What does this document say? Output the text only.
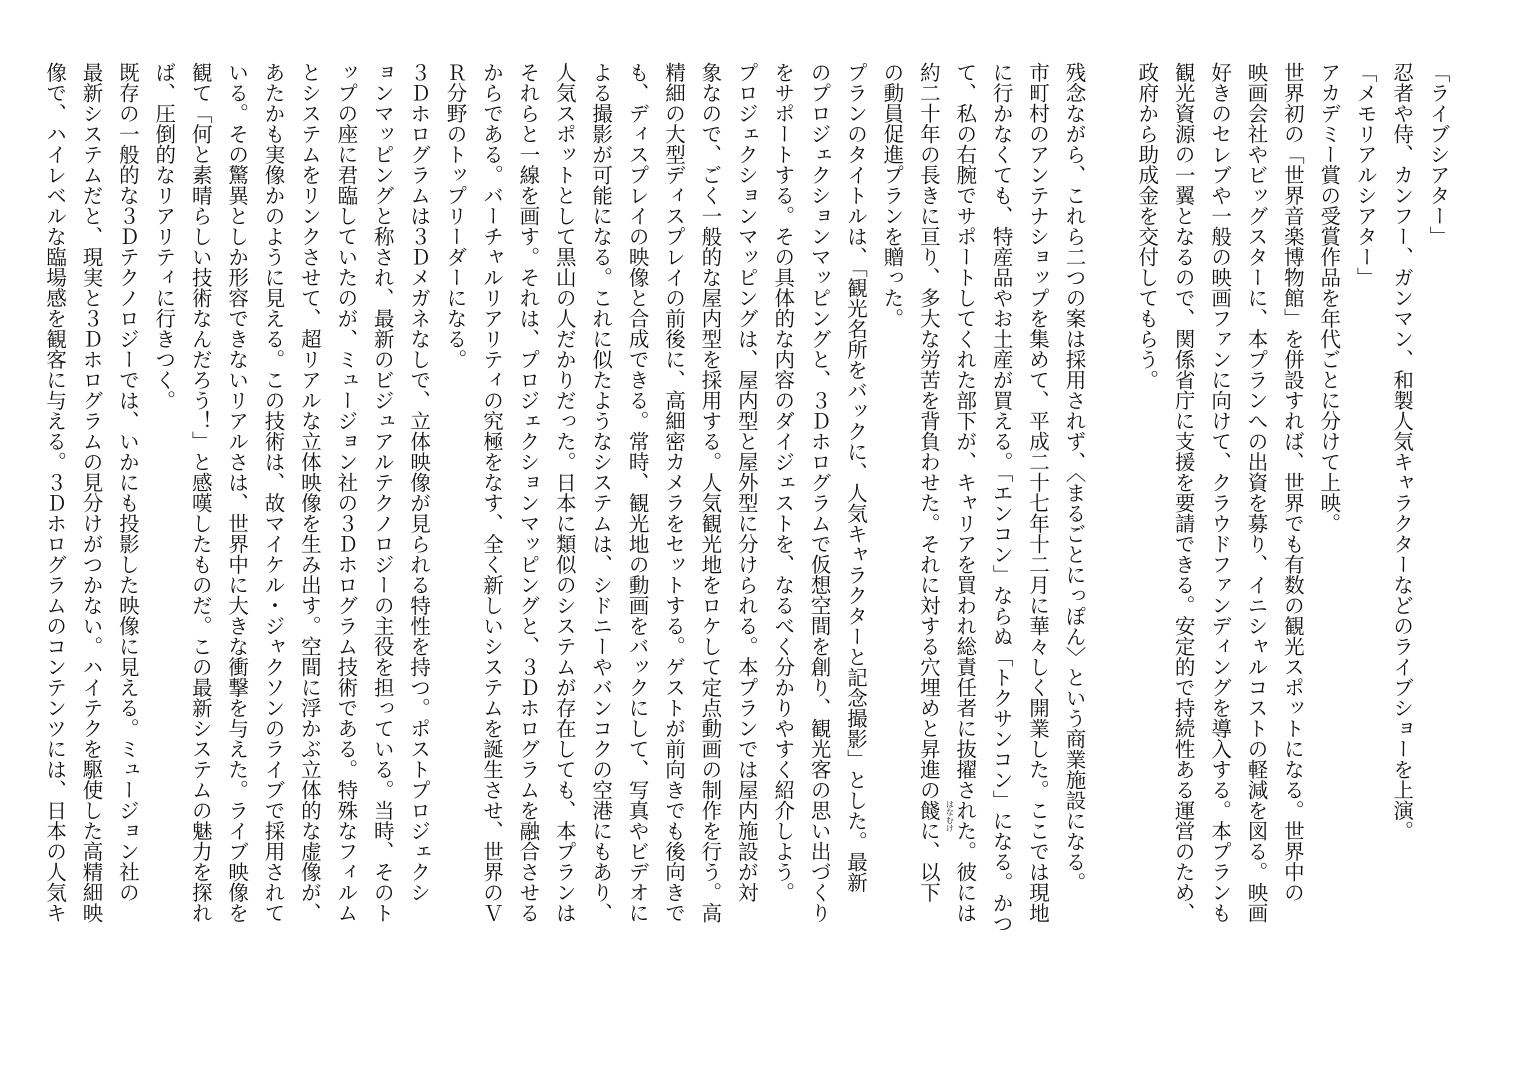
「ライブシアター」
忍者や侍、カンフー、ガンマン、和製人気キャラクターなどのライブショーを上演。
「メモリアルシアター」
アカデミー賞の受賞作品を年代ごとに分けて上映。
世界初の「世界音楽博物館」を併設すれば、世界でも有数の観光スポットになる。世界中の
映画会社やビッグスターに、本プランへの出資を募り、イニシャルコストの軽減を図る。映画
好きのセレブや一般の映画ファンに向けて、クラウドファンディングを導入する。本プランも
観光資源の一翼となるので、関係省庁に支援を要請できる。安定的で持続性ある運営のため、
政府から助成金を交付してもらう。
残念ながら、これら二つの案は採用されず、〈まるごとにっぽん〉という商業施設になる。
市町村のアンテナショップを集めて、平成二十七年十二月に華々しく開業した。ここでは現地
に行かなくても、特産品やお土産が買える。「エンコン」ならぬ「トクサンコン」になる。かつ
て、私の右腕でサポートしてくれた部下が、キャリアを買われ総責任者に抜擢された。彼には
約二十年の長きに亘り、多大な労苦を背負わせた。それに対する穴埋めと昇進の餞 はなむけ
に、以下
の動員促進プランを贈った。
プランのタイトルは、「観光名所をバックに、人気キャラクターと記念撮影」とした。最新
のプロジェクションマッピングと、３Ｄホログラムで仮想空間を創り、観光客の思い出づくり
をサポートする。その具体的な内容のダイジェストを、なるべく分かりやすく紹介しよう。
プロジェクションマッピングは、屋内型と屋外型に分けられる。本プランでは屋内施設が対
象なので、ごく一般的な屋内型を採用する。人気観光地をロケして定点動画の制作を行う。高
精細の大型ディスプレイの前後に、高細密カメラをセットする。ゲストが前向きでも後向きで
も、ディスプレイの映像と合成できる。常時、観光地の動画をバックにして、写真やビデオに
よる撮影が可能になる。これに似たようなシステムは、シドニーやバンコクの空港にもあり、
人気スポットとして黒山の人だかりだった。日本に類似のシステムが存在しても、本プランは
それらと一線を画す。それは、プロジェクションマッピングと、３Ｄホログラムを融合させる
からである。バーチャルリアリティの究極をなす、全く新しいシステムを誕生させ、世界のＶ
Ｒ分野のトップリーダーになる。
３Ｄホログラムは３Ｄメガネなしで、立体映像が見られる特性を持つ。ポストプロジェクシ
ョンマッピングと称され、最新のビジュアルテクノロジーの主役を担っている。当時、そのト
ップの座に君臨していたのが、ミュージョン社の３Ｄホログラム技術である。特殊なフィルム
とシステムをリンクさせて、超リアルな立体映像を生み出す。空間に浮かぶ立体的な虚像が、
あたかも実像かのように見える。この技術は、故マイケル・ジャクソンのライブで採用されて
いる。その驚異としか形容できないリアルさは、世界中に大きな衝撃を与えた。ライブ映像を
観て「何と素晴らしい技術なんだろう！」と感嘆したものだ。この最新システムの魅力を探れ
ば、圧倒的なリアリティに行きつく。
既存の一般的な３Ｄテクノロジーでは、いかにも投影した映像に見える。ミュージョン社の
最新システムだと、現実と３Ｄホログラムの見分けがつかない。ハイテクを駆使した高精細映
像で、ハイレベルな臨場感を観客に与える。３Ｄホログラムのコンテンツには、日本の人気キ
